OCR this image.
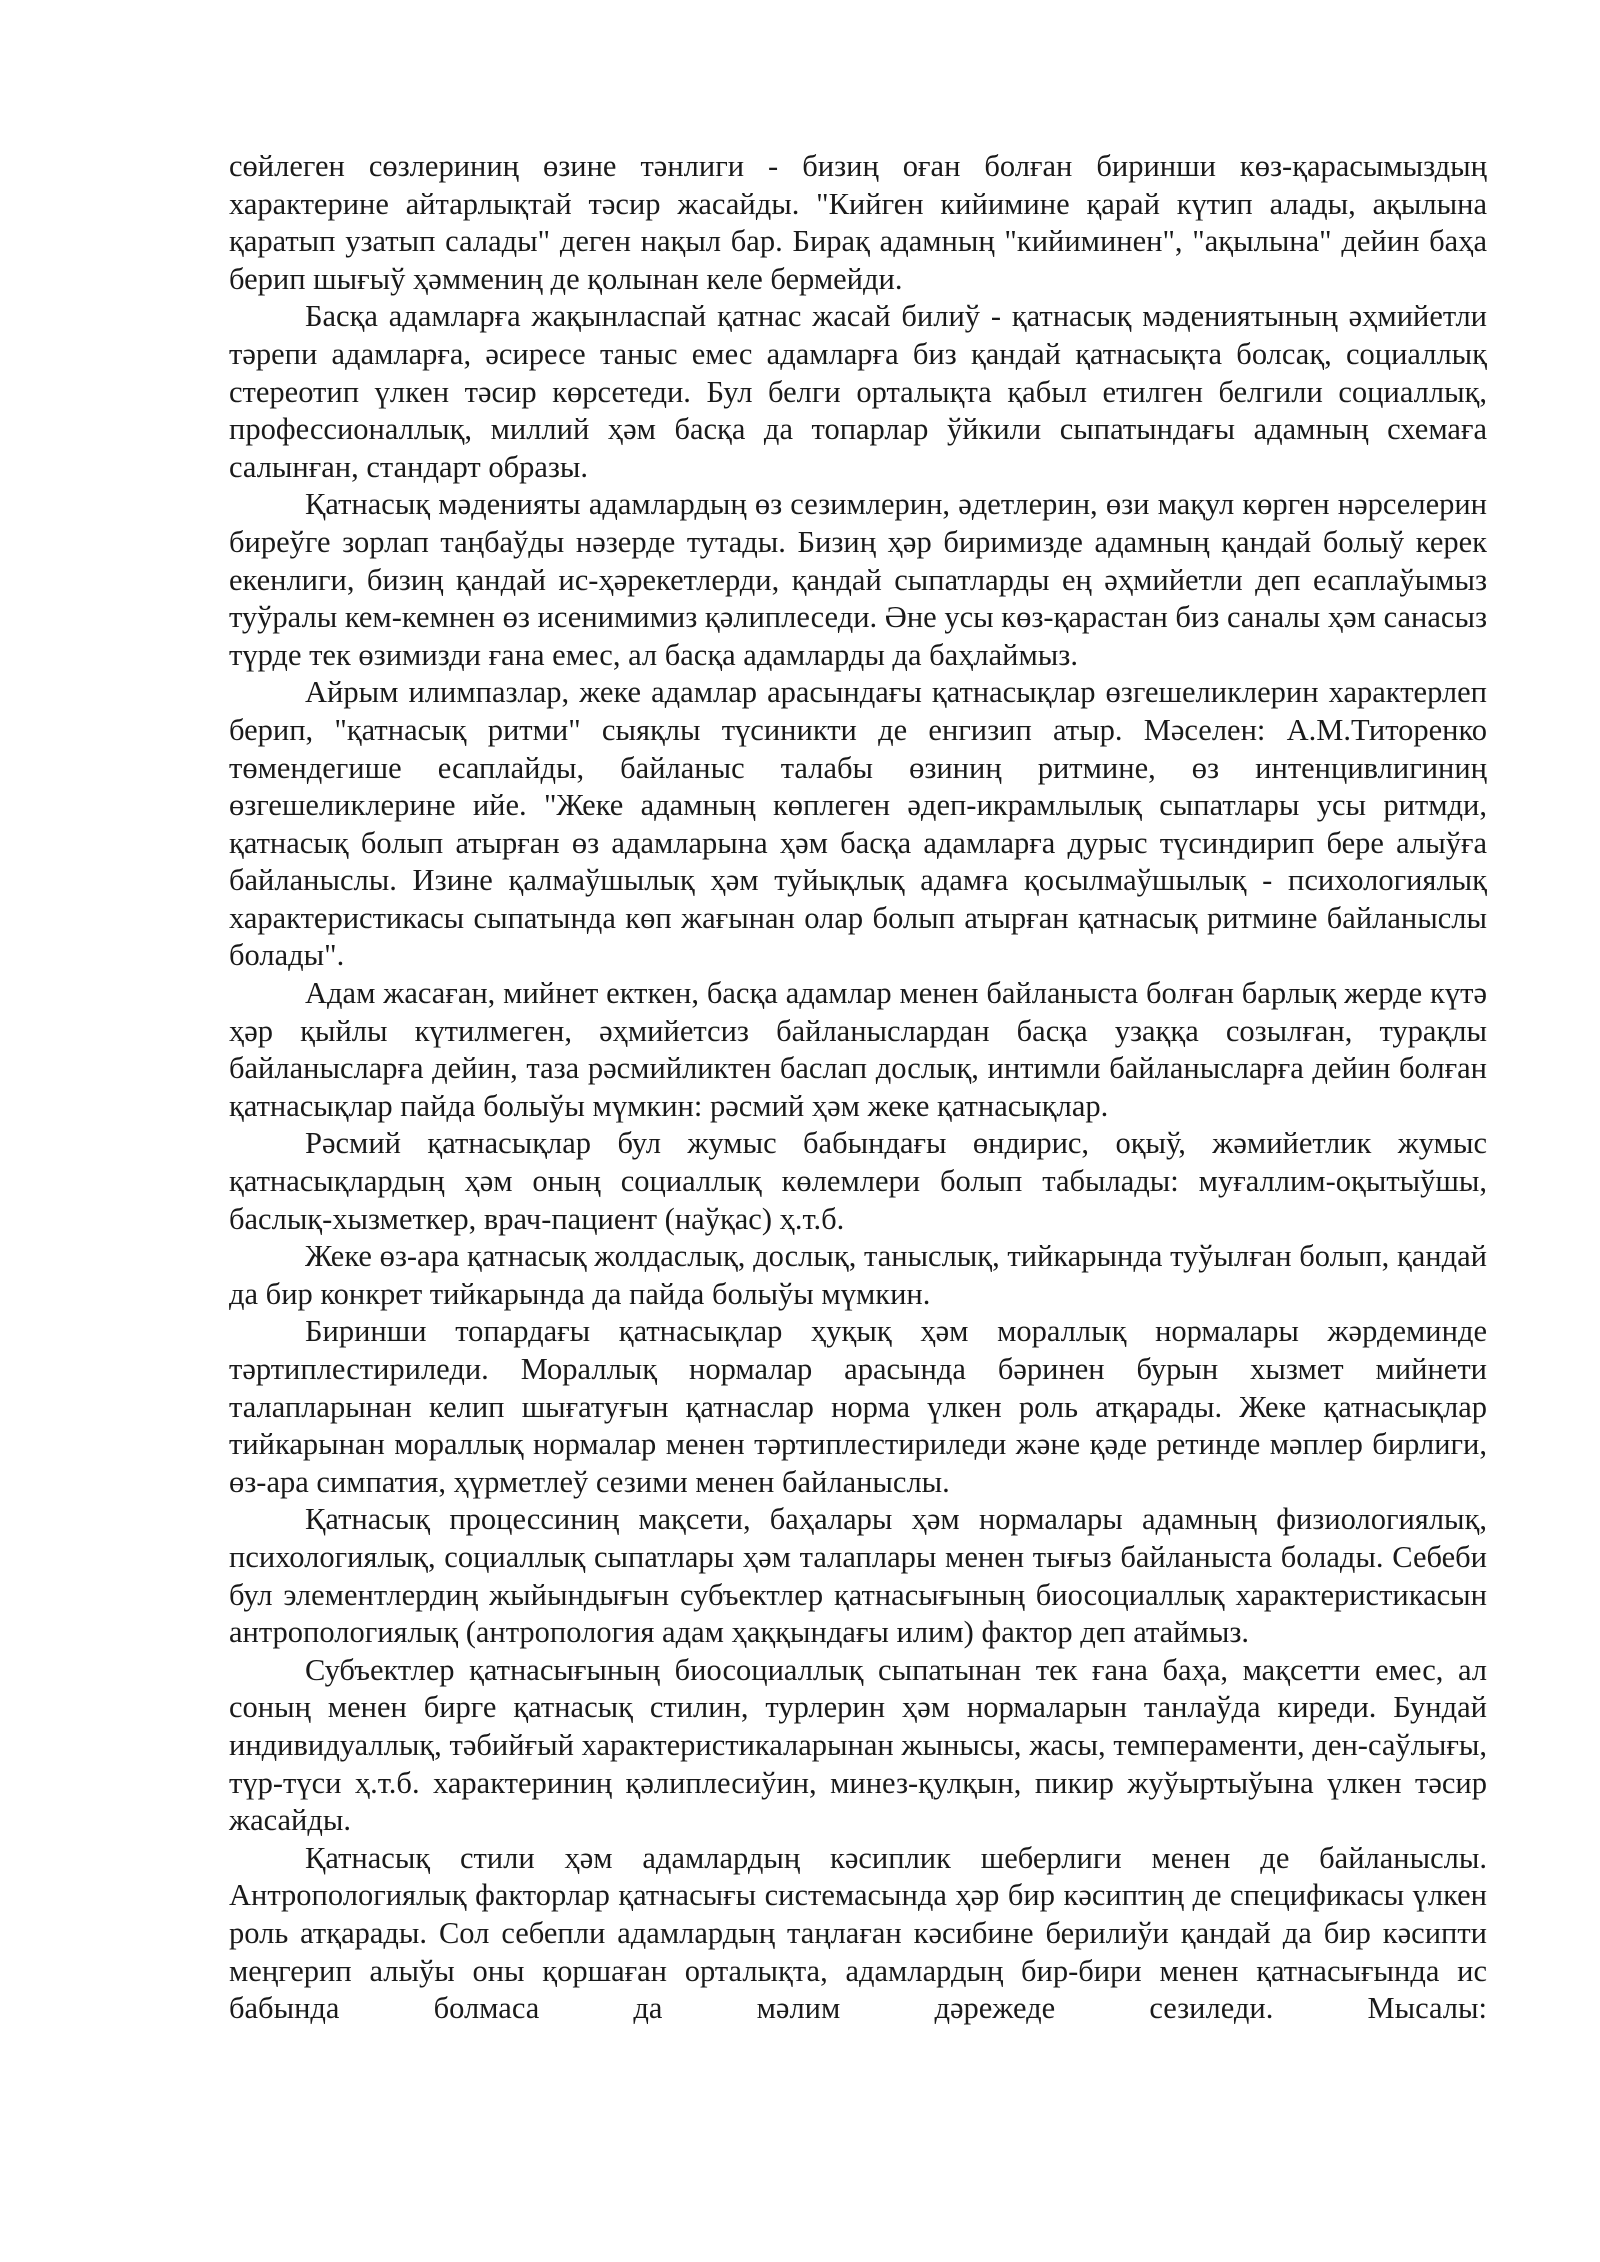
сөйлеген сөзлериниң өзине тәнлиги - бизиң оған болған биринши көз-қарасымыздың характерине айтарлықтай тәсир жасайды. "Кийген кийимине қарай күтип алады, ақылына қаратып узатып салады" деген нақыл бар. Бирақ адамның "кийиминен", "ақылына" дейин баҳа берип шығыў ҳәммениң де қолынан келе бермейди.

Басқа адамларға жақынласпай қатнас жасай билиў - қатнасық мәдениятының әҳмийетли тәрепи адамларға, әсиресе таныс емес адамларға биз қандай қатнасықта болсақ, социаллық стереотип үлкен тәсир көрсетеди. Бул белги орталықта қабыл етилген белгили социаллық, профессионаллық, миллий ҳәм басқа да топарлар ўйкили сыпатындағы адамның схемаға салынған, стандарт образы.

Қатнасық мәденияты адамлардың өз сезимлерин, әдетлерин, өзи мақул көрген нәрселерин биреўге зорлап таңбаўды нәзерде тутады. Бизиң ҳәр биримизде адамның қандай болыў керек екенлиги, бизиң қандай ис-ҳәрекетлерди, қандай сыпатларды ең әҳмийетли деп есаплаўымыз туўралы кем-кемнен өз исенимимиз қәлиплеседи. Әне усы көз-қарастан биз саналы ҳәм санасыз түрде тек өзимизди ғана емес, ал басқа адамларды да баҳлаймыз.

Айрым илимпазлар, жеке адамлар арасындағы қатнасықлар өзгешеликлерин характерлеп берип, "қатнасық ритми" сыяқлы түсиникти де енгизип атыр. Мәселен: А.М.Титоренко төмендегише есаплайды, байланыс талабы өзиниң ритмине, өз интенцивлигиниң өзгешеликлерине ийе. "Жеке адамның көплеген әдеп-икрамлылық сыпатлары усы ритмди, қатнасық болып атырған өз адамларына ҳәм басқа адамларға дурыс түсиндирип бере алыўға байланыслы. Изине қалмаўшылық ҳәм туйықлық адамға қосылмаўшылық - психологиялық характеристикасы сыпатында көп жағынан олар болып атырған қатнасық ритмине байланыслы болады".

Адам жасаған, мийнет екткен, басқа адамлар менен байланыста болған барлық жерде күтә ҳәр қыйлы күтилмеген, әҳмийетсиз байланыслардан басқа узаққа созылған, турақлы байланысларға дейин, таза рәсмийликтен баслап дослық, интимли байланысларға дейин болған қатнасықлар пайда болыўы мүмкин: рәсмий ҳәм жеке қатнасықлар.

Рәсмий қатнасықлар бул жумыс бабындағы өндирис, оқыў, жәмийетлик жумыс қатнасықлардың ҳәм оның социаллық көлемлери болып табылады: муғаллим-оқытыўшы, баслық-хызметкер, врач-пациент (наўқас) ҳ.т.б.

Жеке өз-ара қатнасық жолдаслық, дослық, таныслық, тийкарында туўылған болып, қандай да бир конкрет тийкарында да пайда болыўы мүмкин.

Биринши топардағы қатнасықлар ҳуқық ҳәм мораллық нормалары жәрдеминде тәртиплестириледи. Мораллық нормалар арасында бәринен бурын хызмет мийнети талапларынан келип шығатуғын қатнаслар норма үлкен роль атқарады. Жеке қатнасықлар тийкарынан мораллық нормалар менен тәртиплестириледи және қәде ретинде мәплер бирлиги, өз-ара симпатия, ҳүрметлеў сезими менен байланыслы.

Қатнасық процессиниң мақсети, баҳалары ҳәм нормалары адамның физиологиялық, психологиялық, социаллық сыпатлары ҳәм талаплары менен тығыз байланыста болады. Себеби бул элементлердиң жыйындығын субъектлер қатнасығының биосоциаллық характеристикасын антропологиялық (антропология адам ҳаққындағы илим) фактор деп атаймыз.

Субъектлер қатнасығының биосоциаллық сыпатынан тек ғана баҳа, мақсетти емес, ал соның менен бирге қатнасық стилин, турлерин ҳәм нормаларын танлаўда киреди. Бундай индивидуаллық, тәбийғый характеристикаларынан жынысы, жасы, темпераменти, ден-саўлығы, түр-түси ҳ.т.б. характериниң қәлиплесиўин, минез-қулқын, пикир жуўыртыўына үлкен тәсир жасайды.

Қатнасық стили ҳәм адамлардың кәсиплик шеберлиги менен де байланыслы. Антропологиялық факторлар қатнасығы системасында ҳәр бир кәсиптиң де спецификасы үлкен роль атқарады. Сол себепли адамлардың таңлаған кәсибине берилиўи қандай да бир кәсипти меңгерип алыўы оны қоршаған орталықта, адамлардың бир-бири менен қатнасығында ис бабында болмаса да мәлим дәрежеде сезиледи. Мысалы:
